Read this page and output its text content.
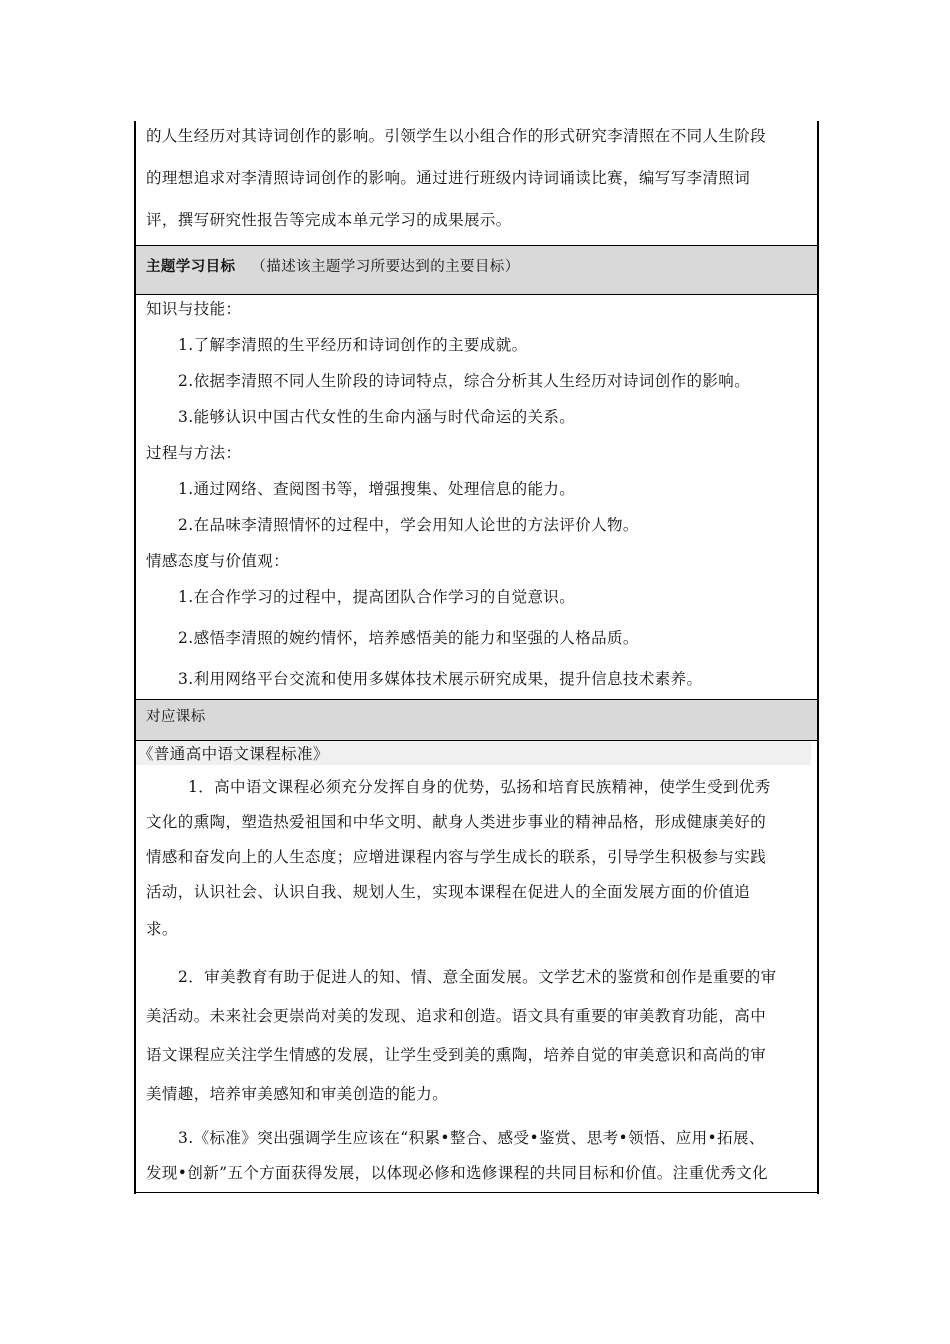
的人生经历对其诗词创作的影响。引领学生以小组合作的形式研究李清照在不同人生阶段
的理想追求对李清照诗词创作的影响。通过进行班级内诗词诵读比赛，编写写李清照词
评，撰写研究性报告等完成本单元学习的成果展示。
主题学习目标 （描述该主题学习所要达到的主要目标）
知识与技能：
1.了解李清照的生平经历和诗词创作的主要成就。
2.依据李清照不同人生阶段的诗词特点，综合分析其人生经历对诗词创作的影响。
3.能够认识中国古代女性的生命内涵与时代命运的关系。
过程与方法：
1.通过网络、查阅图书等，增强搜集、处理信息的能力。
2.在品味李清照情怀的过程中，学会用知人论世的方法评价人物。
情感态度与价值观：
1.在合作学习的过程中，提高团队合作学习的自觉意识。
2.感悟李清照的婉约情怀，培养感悟美的能力和坚强的人格品质。
3.利用网络平台交流和使用多媒体技术展示研究成果，提升信息技术素养。
对应课标
《普通高中语文课程标准》
1．高中语文课程必须充分发挥自身的优势，弘扬和培育民族精神，使学生受到优秀
文化的熏陶，塑造热爱祖国和中华文明、献身人类进步事业的精神品格，形成健康美好的
情感和奋发向上的人生态度；应增进课程内容与学生成长的联系，引导学生积极参与实践
活动，认识社会、认识自我、规划人生，实现本课程在促进人的全面发展方面的价值追
求。
2．审美教育有助于促进人的知、情、意全面发展。文学艺术的鉴赏和创作是重要的审
美活动。未来社会更崇尚对美的发现、追求和创造。语文具有重要的审美教育功能，高中
语文课程应关注学生情感的发展，让学生受到美的熏陶，培养自觉的审美意识和高尚的审
美情趣，培养审美感知和审美创造的能力。
3.《标准》突出强调学生应该在“积累•整合、感受•鉴赏、思考•领悟、应用•拓展、
发现•创新”五个方面获得发展，以体现必修和选修课程的共同目标和价值。注重优秀文化
